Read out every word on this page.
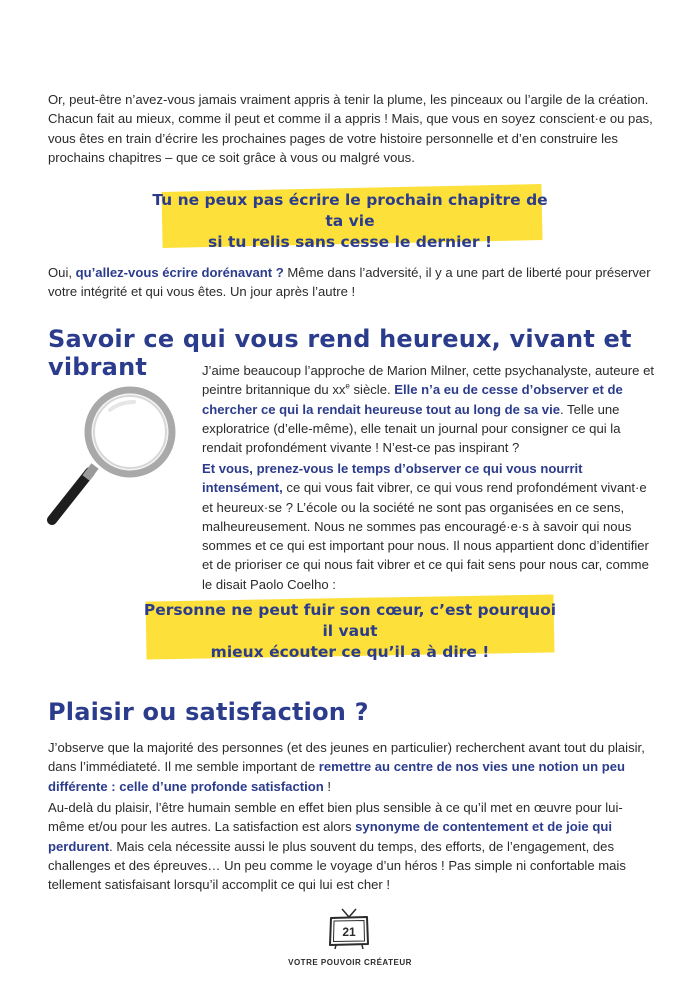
Or, peut-être n’avez-vous jamais vraiment appris à tenir la plume, les pinceaux ou l’argile de la création. Chacun fait au mieux, comme il peut et comme il a appris ! Mais, que vous en soyez conscient·e ou pas, vous êtes en train d’écrire les prochaines pages de votre histoire personnelle et d’en construire les prochains chapitres – que ce soit grâce à vous ou malgré vous.

Tu ne peux pas écrire le prochain chapitre de ta vie
si tu relis sans cesse le dernier !

Oui, qu’allez-vous écrire dorénavant ? Même dans l’adversité, il y a une part de liberté pour préserver votre intégrité et qui vous êtes. Un jour après l’autre !

Savoir ce qui vous rend heureux, vivant et vibrant	J’aime beaucoup l’approche de Marion Milner, cette psychanalyste, auteure et peintre britannique du $xx^e$ siècle. Elle n’a eu de cesse d’observer et de chercher ce qui la rendait heureuse tout au long de sa vie. Telle une exploratrice (d’elle-même), elle tenait un journal pour consigner ce qui la rendait profondément vivante ! N’est-ce pas inspirant ?

Et vous, prenez-vous le temps d’observer ce qui vous nourrit intensément, ce qui vous fait vibrer, ce qui vous rend profondément vivant·e et heureux·se ? L’école ou la société ne sont pas organisées en ce sens, malheureusement. Nous ne sommes pas encouragé·e·s à savoir qui nous sommes et ce qui est important pour nous. Il nous appartient donc d’identifier et de prioriser ce qui nous fait vibrer et ce qui fait sens pour nous car, comme le disait Paolo Coelho :

Personne ne peut fuir son cœur, c’est pourquoi il vaut
mieux écouter ce qu’il a à dire !

Plaisir ou satisfaction ?

J’observe que la majorité des personnes (et des jeunes en particulier) recherchent avant tout du plaisir, dans l’immédiateté. Il me semble important de remettre au centre de nos vies une notion un peu différente : celle d’une profonde satisfaction !

Au-delà du plaisir, l’être humain semble en effet bien plus sensible à ce qu’il met en œuvre pour lui-même et/ou pour les autres. La satisfaction est alors synonyme de contentement et de joie qui perdurent. Mais cela nécessite aussi le plus souvent du temps, des efforts, de l’engagement, des challenges et des épreuves… Un peu comme le voyage d’un héros ! Pas simple ni confortable mais tellement satisfaisant lorsqu’il accomplit ce qui lui est cher !

21
VOTRE POUVOIR CRÉATEUR
